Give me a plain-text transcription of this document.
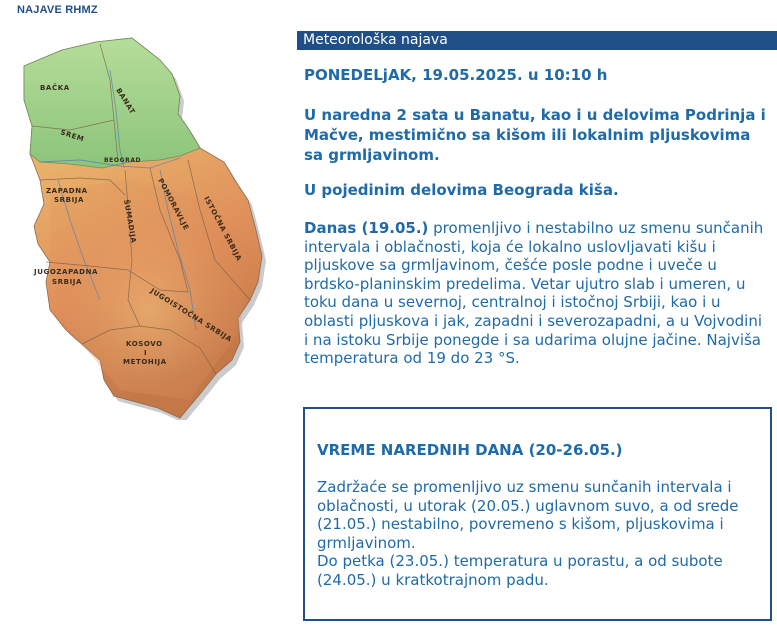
NAJAVE RHMZ
BAČKA	BANAT
SREM
BEOGRAD
ZAPADNA
SRBIJA	ŠUMADIJA	POMORAVLJE ISTOČNA SRBIJA
JUGOZAPADNA
SRBIJA
JUGOISTOČNA SRBIJA
KOSOVO
I
METOHIJA
Meteorološka najava
PONEDELjAK, 19.05.2025. u 10:10 h
U naredna 2 sata u Banatu, kao i u delovima Podrinja i Mačve, mestimično sa kišom ili lokalnim pljuskovima sa grmljavinom.
U pojedinim delovima Beograda kiša.
Danas (19.05.) promenljivo i nestabilno uz smenu sunčanih intervala i oblačnosti, koja će lokalno uslovljavati kišu i pljuskove sa grmljavinom, češće posle podne i uveče u brdsko-planinskim predelima. Vetar ujutro slab i umeren, u toku dana u severnoj, centralnoj i istočnoj Srbiji, kao i u oblasti pljuskova i jak, zapadni i severozapadni, a u Vojvodini i na istoku Srbije ponegde i sa udarima olujne jačine. Najviša temperatura od 19 do 23 °S.
VREME NAREDNIH DANA (20-26.05.)
Zadržaće se promenljivo uz smenu sunčanih intervala i oblačnosti, u utorak (20.05.) uglavnom suvo, a od srede (21.05.) nestabilno, povremeno s kišom, pljuskovima i grmljavinom.
Do petka (23.05.) temperatura u porastu, a od subote (24.05.) u kratkotrajnom padu.
